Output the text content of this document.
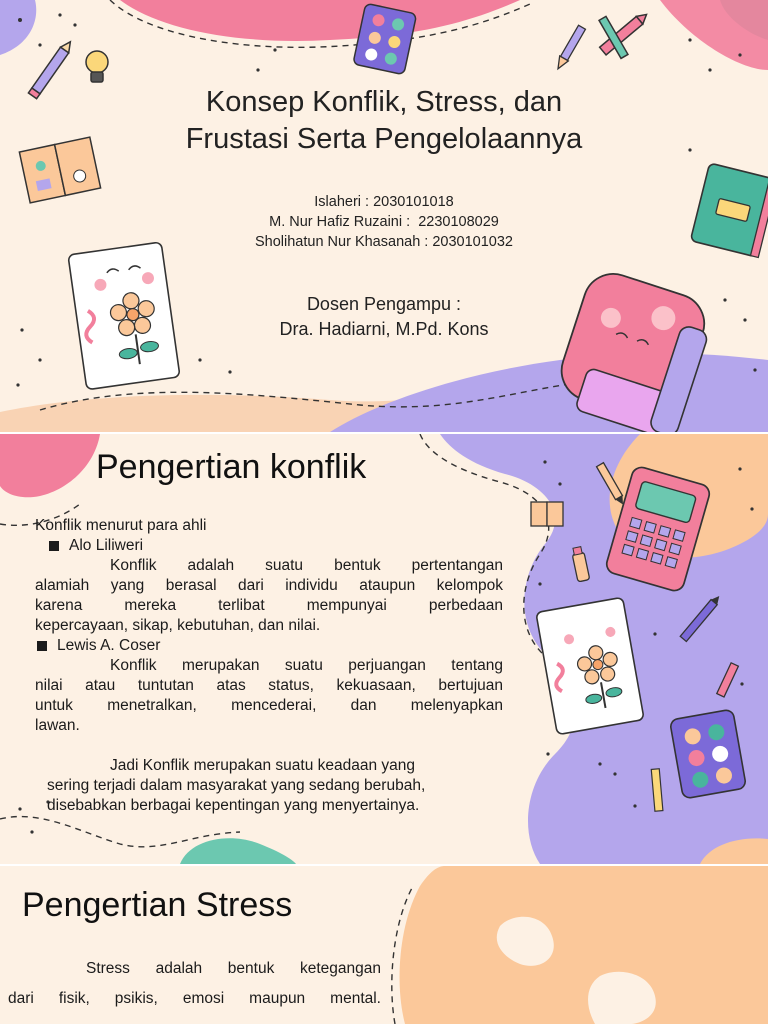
Konsep Konflik, Stress, dan
Frustasi Serta Pengelolaannya
Islaheri : 2030101018
M. Nur Hafiz Ruzaini :  2230108029
Sholihatun Nur Khasanah : 2030101032
Dosen Pengampu :
Dra. Hadiarni, M.Pd. Kons
Pengertian konflik
Konflik menurut para ahli
Alo Liliweri
Konflik adalah suatu bentuk pertentangan
alamiah yang berasal dari individu ataupun kelompok
karena mereka terlibat mempunyai perbedaan
kepercayaan, sikap, kebutuhan, dan nilai.
Lewis A. Coser
Konflik merupakan suatu perjuangan tentang
nilai atau tuntutan atas status, kekuasaan, bertujuan
untuk menetralkan, mencederai, dan melenyapkan
lawan.
Jadi Konflik merupakan suatu keadaan yang
sering terjadi dalam masyarakat yang sedang berubah,
disebabkan berbagai kepentingan yang menyertainya.
Pengertian Stress
Stress adalah bentuk ketegangan
dari fisik, psikis, emosi maupun mental.
